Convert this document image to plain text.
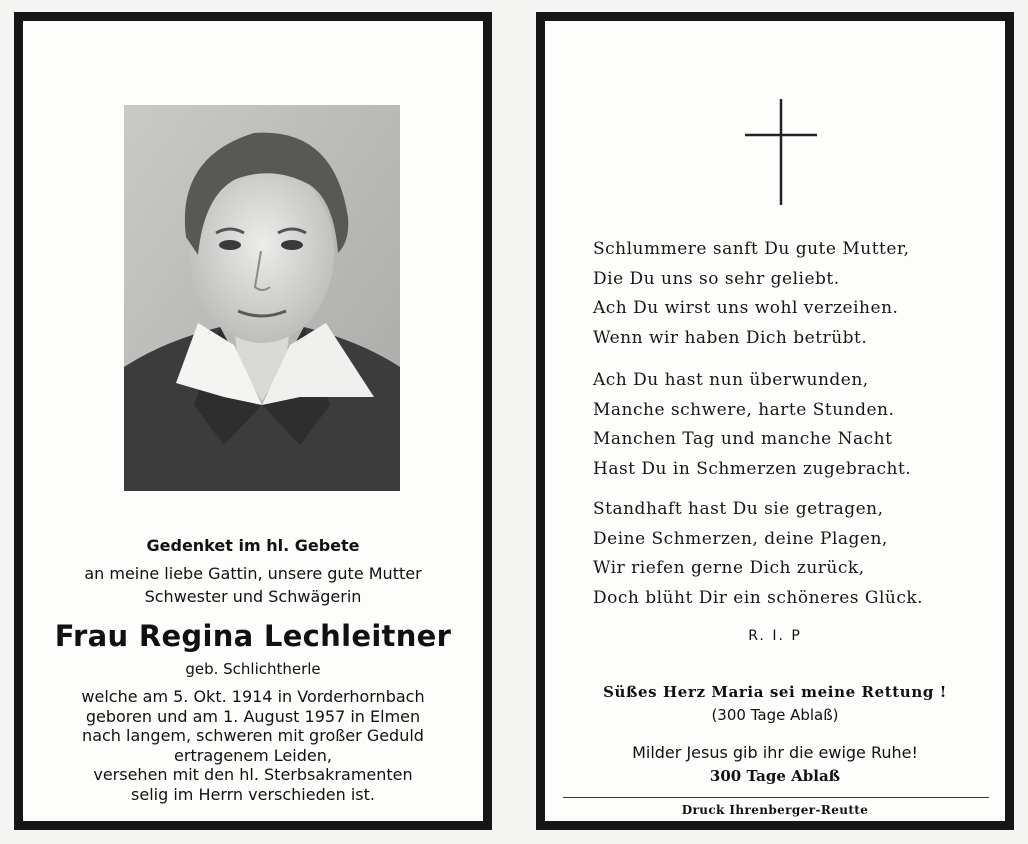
Gedenket im hl. Gebete
an meine liebe Gattin, unsere gute Mutter
Schwester und Schwägerin
Frau Regina Lechleitner
geb. Schlichtherle
welche am 5. Okt. 1914 in Vorderhornbach
geboren und am 1. August 1957 in Elmen
nach langem, schweren mit großer Geduld
ertragenem Leiden,
versehen mit den hl. Sterbsakramenten
selig im Herrn verschieden ist.
Schlummere sanft Du gute Mutter,
Die Du uns so sehr geliebt.
Ach Du wirst uns wohl verzeihen.
Wenn wir haben Dich betrübt.
Ach Du hast nun überwunden,
Manche schwere, harte Stunden.
Manchen Tag und manche Nacht
Hast Du in Schmerzen zugebracht.
Standhaft hast Du sie getragen,
Deine Schmerzen, deine Plagen,
Wir riefen gerne Dich zurück,
Doch blüht Dir ein schöneres Glück.
R. I. P
Süßes Herz Maria sei meine Rettung !
(300 Tage Ablaß)
Milder Jesus gib ihr die ewige Ruhe!
300 Tage Ablaß
Druck Ihrenberger-Reutte
